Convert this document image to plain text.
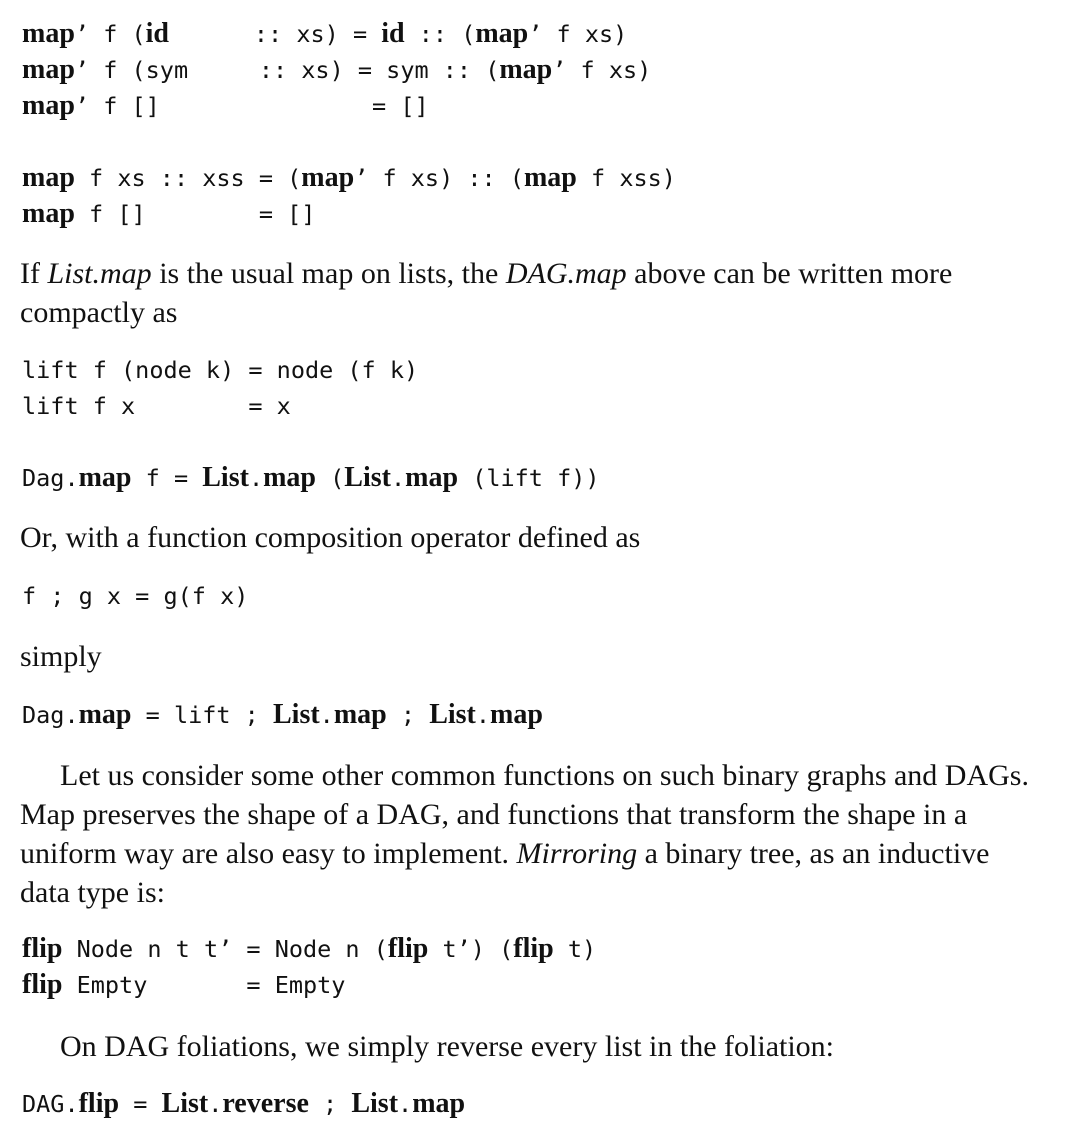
map’ f (id      :: xs) = id :: (map’ f xs)
map’ f (sym     :: xs) = sym :: (map’ f xs)
map’ f []               = []
map f xs :: xss = (map’ f xs) :: (map f xss)
map f []        = []

If List.map is the usual map on lists, the DAG.map above can be written more compactly as

lift f (node k) = node (f k)
lift f x        = x
Dag.map f = List.map (List.map (lift f))

Or, with a function composition operator defined as

f ; g x = g(f x)

simply

Dag.map = lift ; List.map ; List.map

Let us consider some other common functions on such binary graphs and DAGs. Map preserves the shape of a DAG, and functions that transform the shape in a uniform way are also easy to implement. Mirroring a binary tree, as an inductive data type is:

flip Node n t t’ = Node n (flip t’) (flip t)
flip Empty       = Empty

On DAG foliations, we simply reverse every list in the foliation:

DAG.flip = List.reverse ; List.map
